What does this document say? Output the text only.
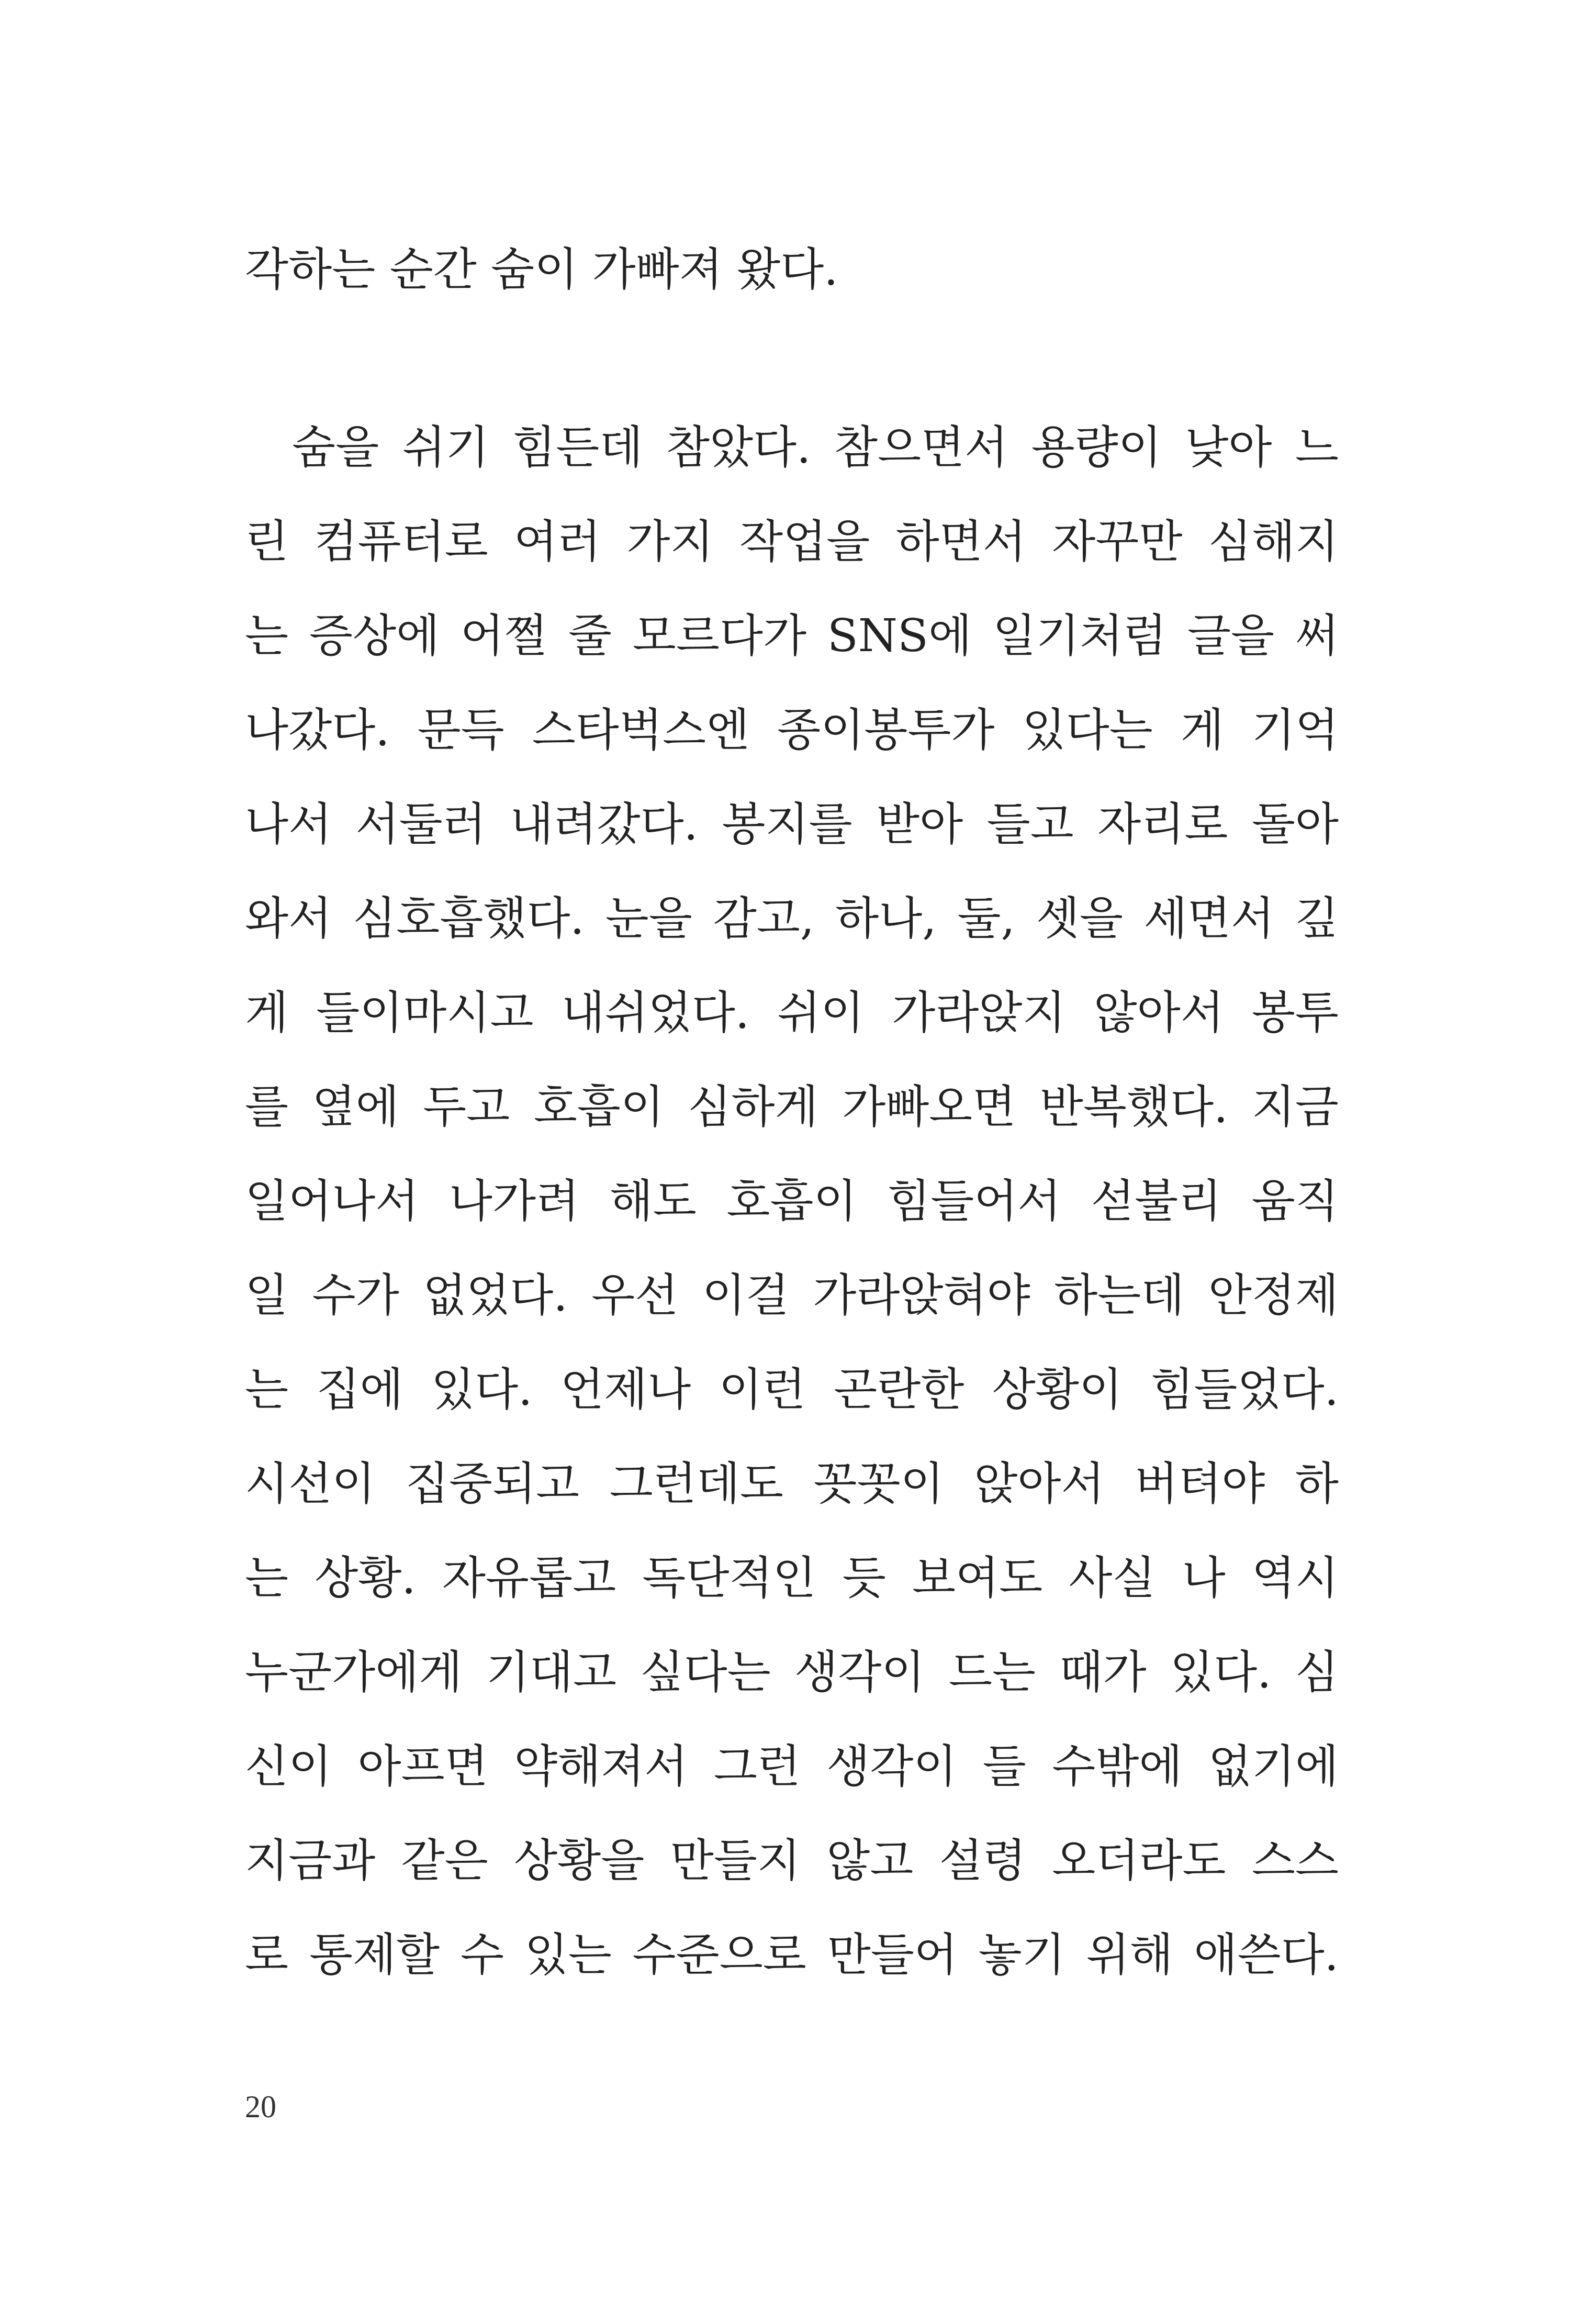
각하는 순간 숨이 가빠져 왔다.
숨을 쉬기 힘든데 참았다. 참으면서 용량이 낮아 느
린 컴퓨터로 여러 가지 작업을 하면서 자꾸만 심해지
는 증상에 어쩔 줄 모르다가 SNS에 일기처럼 글을 써
나갔다. 문득 스타벅스엔 종이봉투가 있다는 게 기억
나서 서둘러 내려갔다. 봉지를 받아 들고 자리로 돌아
와서 심호흡했다. 눈을 감고, 하나, 둘, 셋을 세면서 깊
게 들이마시고 내쉬었다. 쉬이 가라앉지 않아서 봉투
를 옆에 두고 호흡이 심하게 가빠오면 반복했다. 지금
일어나서 나가려 해도 호흡이 힘들어서 섣불리 움직
일 수가 없었다. 우선 이걸 가라앉혀야 하는데 안정제
는 집에 있다. 언제나 이런 곤란한 상황이 힘들었다.
시선이 집중되고 그런데도 꼿꼿이 앉아서 버텨야 하
는 상황. 자유롭고 독단적인 듯 보여도 사실 나 역시
누군가에게 기대고 싶다는 생각이 드는 때가 있다. 심
신이 아프면 약해져서 그런 생각이 들 수밖에 없기에
지금과 같은 상황을 만들지 않고 설령 오더라도 스스
로 통제할 수 있는 수준으로 만들어 놓기 위해 애쓴다.
20
